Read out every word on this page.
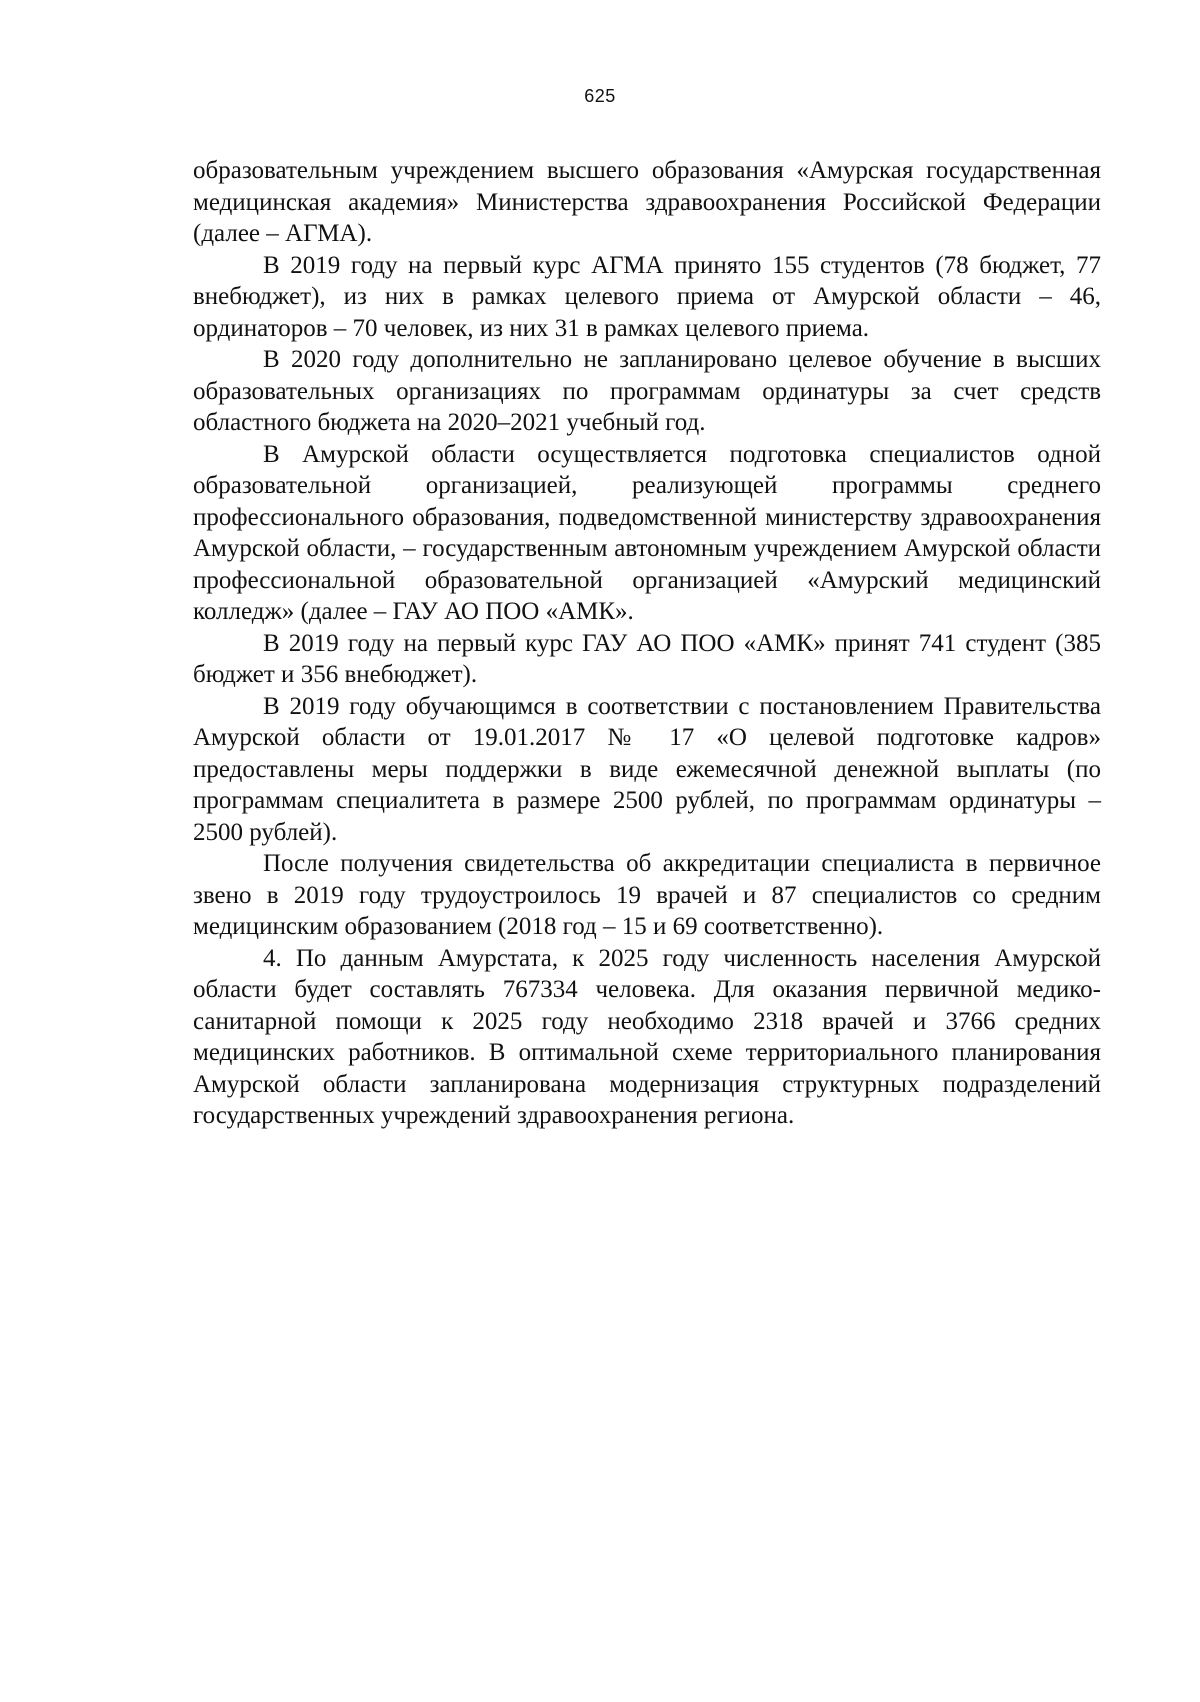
625

образовательным учреждением высшего образования «Амурская государственная медицинская академия» Министерства здравоохранения Российской Федерации (далее – АГМА).

В 2019 году на первый курс АГМА принято 155 студентов (78 бюджет, 77 внебюджет), из них в рамках целевого приема от Амурской области – 46, ординаторов – 70 человек, из них 31 в рамках целевого приема.

В 2020 году дополнительно не запланировано целевое обучение в высших образовательных организациях по программам ординатуры за счет средств областного бюджета на 2020–2021 учебный год.

В Амурской области осуществляется подготовка специалистов одной образовательной организацией, реализующей программы среднего профессионального образования, подведомственной министерству здравоохранения Амурской области, – государственным автономным учреждением Амурской области профессиональной образовательной организацией «Амурский медицинский колледж» (далее – ГАУ АО ПОО «АМК».

В 2019 году на первый курс ГАУ АО ПОО «АМК» принят 741 студент (385 бюджет и 356 внебюджет).

В 2019 году обучающимся в соответствии с постановлением Правительства Амурской области от 19.01.2017 № 17 «О целевой подготовке кадров» предоставлены меры поддержки в виде ежемесячной денежной выплаты (по программам специалитета в размере 2500 рублей, по программам ординатуры – 2500 рублей).

После получения свидетельства об аккредитации специалиста в первичное звено в 2019 году трудоустроилось 19 врачей и 87 специалистов со средним медицинским образованием (2018 год – 15 и 69 соответственно).

4. По данным Амурстата, к 2025 году численность населения Амурской области будет составлять 767334 человека. Для оказания первичной медико-санитарной помощи к 2025 году необходимо 2318 врачей и 3766 средних медицинских работников. В оптимальной схеме территориального планирования Амурской области запланирована модернизация структурных подразделений государственных учреждений здравоохранения региона.
